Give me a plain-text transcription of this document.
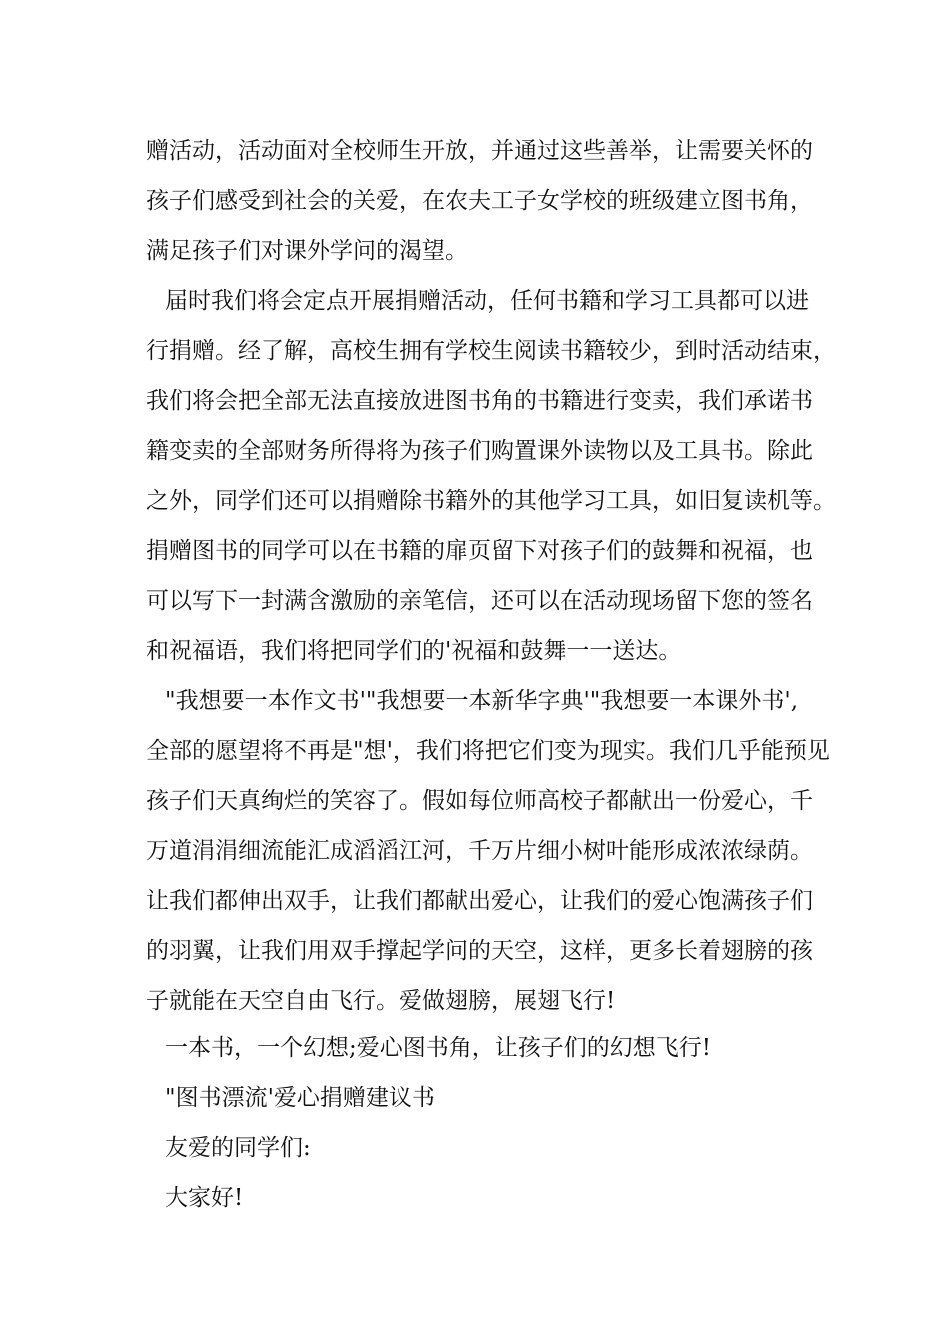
赠活动，活动面对全校师生开放，并通过这些善举，让需要关怀的
孩子们感受到社会的关爱，在农夫工子女学校的班级建立图书角，
满足孩子们对课外学问的渴望。
届时我们将会定点开展捐赠活动，任何书籍和学习工具都可以进
行捐赠。经了解，高校生拥有学校生阅读书籍较少，到时活动结束，
我们将会把全部无法直接放进图书角的书籍进行变卖，我们承诺书
籍变卖的全部财务所得将为孩子们购置课外读物以及工具书。除此
之外，同学们还可以捐赠除书籍外的其他学习工具，如旧复读机等。
捐赠图书的同学可以在书籍的扉页留下对孩子们的鼓舞和祝福，也
可以写下一封满含激励的亲笔信，还可以在活动现场留下您的签名
和祝福语，我们将把同学们的'祝福和鼓舞一一送达。
"我想要一本作文书'"我想要一本新华字典'"我想要一本课外书',
全部的愿望将不再是"想'，我们将把它们变为现实。我们几乎能预见
孩子们天真绚烂的笑容了。假如每位师高校子都献出一份爱心，千
万道涓涓细流能汇成滔滔江河，千万片细小树叶能形成浓浓绿荫。
让我们都伸出双手，让我们都献出爱心，让我们的爱心饱满孩子们
的羽翼，让我们用双手撑起学问的天空，这样，更多长着翅膀的孩
子就能在天空自由飞行。爱做翅膀，展翅飞行!
一本书，一个幻想;爱心图书角，让孩子们的幻想飞行!
"图书漂流'爱心捐赠建议书
友爱的同学们:
大家好!
